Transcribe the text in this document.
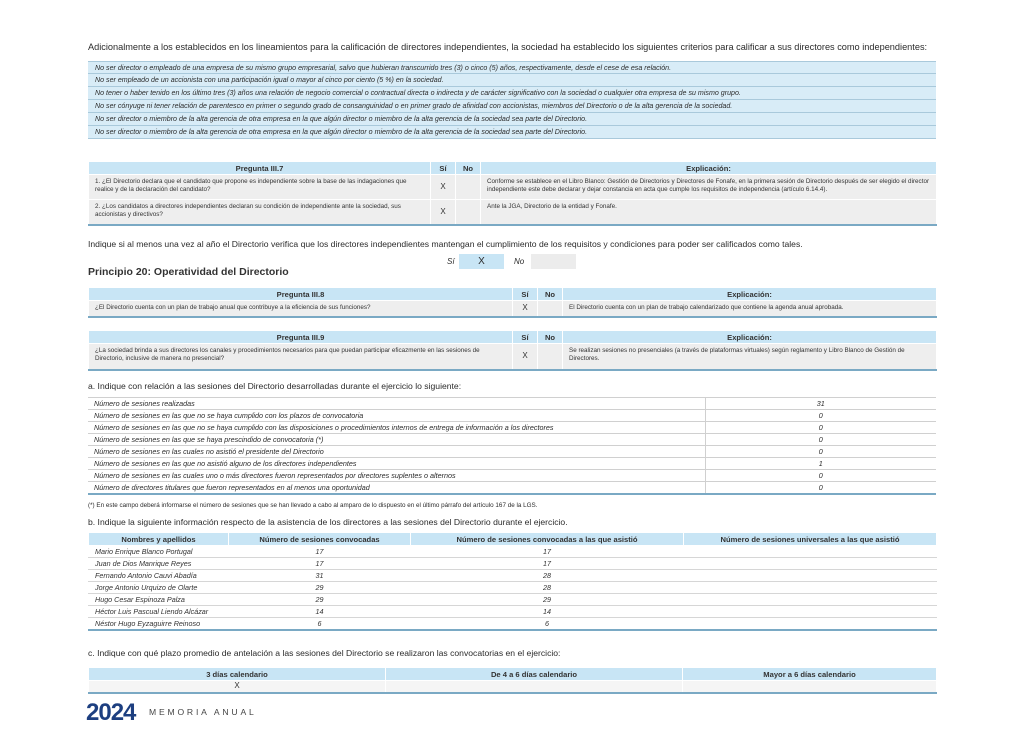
Adicionalmente a los establecidos en los lineamientos para la calificación de directores independientes, la sociedad ha establecido los siguientes criterios para calificar a sus directores como independientes:
No ser director o empleado de una empresa de su mismo grupo empresarial, salvo que hubieran transcurrido tres (3) o cinco (5) años, respectivamente, desde el cese de esa relación.
No ser empleado de un accionista con una participación igual o mayor al cinco por ciento (5 %) en la sociedad.
No tener o haber tenido en los último tres (3) años una relación de negocio comercial o contractual directa o indirecta y de carácter significativo con la sociedad o cualquier otra empresa de su mismo grupo.
No ser cónyuge ni tener relación de parentesco en primer o segundo grado de consanguinidad o en primer grado de afinidad con accionistas, miembros del Directorio o de la alta gerencia de la sociedad.
No ser director o miembro de la alta gerencia de otra empresa en la que algún director o miembro de la alta gerencia de la sociedad sea parte del Directorio.
No ser director o miembro de la alta gerencia de otra empresa en la que algún director o miembro de la alta gerencia de la sociedad sea parte del Directorio.
Pregunta III.7	Sí	No	Explicación:
1. ¿El Directorio declara que el candidato que propone es independiente sobre la base de las indagaciones que realice y de la declaración del candidato?	X		Conforme se establece en el Libro Blanco: Gestión de Directorios y Directores de Fonafe, en la primera sesión de Directorio después de ser elegido el director independiente este debe declarar y dejar constancia en acta que cumple los requisitos de independencia (artículo 6.14.4).
2. ¿Los candidatos a directores independientes declaran su condición de independiente ante la sociedad, sus accionistas y directivos?	X		Ante la JGA, Directorio de la entidad y Fonafe.
Indique si al menos una vez al año el Directorio verifica que los directores independientes mantengan el cumplimiento de los requisitos y condiciones para poder ser calificados como tales.
Sí	X	No
Principio 20: Operatividad del Directorio
Pregunta III.8	Sí	No	Explicación:
¿El Directorio cuenta con un plan de trabajo anual que contribuye a la eficiencia de sus funciones?	X		El Directorio cuenta con un plan de trabajo calendarizado que contiene la agenda anual aprobada.
Pregunta III.9	Sí	No	Explicación:
¿La sociedad brinda a sus directores los canales y procedimientos necesarios para que puedan participar eficazmente en las sesiones de Directorio, inclusive de manera no presencial?	X		Se realizan sesiones no presenciales (a través de plataformas virtuales) según reglamento y Libro Blanco de Gestión de Directores.
a. Indique con relación a las sesiones del Directorio desarrolladas durante el ejercicio lo siguiente:
Número de sesiones realizadas	31
Número de sesiones en las que no se haya cumplido con los plazos de convocatoria	0
Número de sesiones en las que no se haya cumplido con las disposiciones o procedimientos internos de entrega de información a los directores	0
Número de sesiones en las que se haya prescindido de convocatoria (*)	0
Número de sesiones en las cuales no asistió el presidente del Directorio	0
Número de sesiones en las que no asistió alguno de los directores independientes	1
Número de sesiones en las cuales uno o más directores fueron representados por directores suplentes o alternos	0
Número de directores titulares que fueron representados en al menos una oportunidad	0
(*) En este campo deberá informarse el número de sesiones que se han llevado a cabo al amparo de lo dispuesto en el último párrafo del artículo 167 de la LGS.
b. Indique la siguiente información respecto de la asistencia de los directores a las sesiones del Directorio durante el ejercicio.
Nombres y apellidos	Número de sesiones convocadas	Número de sesiones convocadas a las que asistió	Número de sesiones universales a las que asistió
Mario Enrique Blanco Portugal	17	17	
Juan de Dios Manrique Reyes	17	17	
Fernando Antonio Cauvi Abadía	31	28	
Jorge Antonio Urquizo de Olarte	29	28	
Hugo Cesar Espinoza Palza	29	29	
Héctor Luis Pascual Liendo Alcázar	14	14	
Néstor Hugo Eyzaguirre Reinoso	6	6	
c. Indique con qué plazo promedio de antelación a las sesiones del Directorio se realizaron las convocatorias en el ejercicio:
3 días calendario	De 4 a 6 días calendario	Mayor a 6 días calendario
X		
2024 MEMORIA ANUAL
